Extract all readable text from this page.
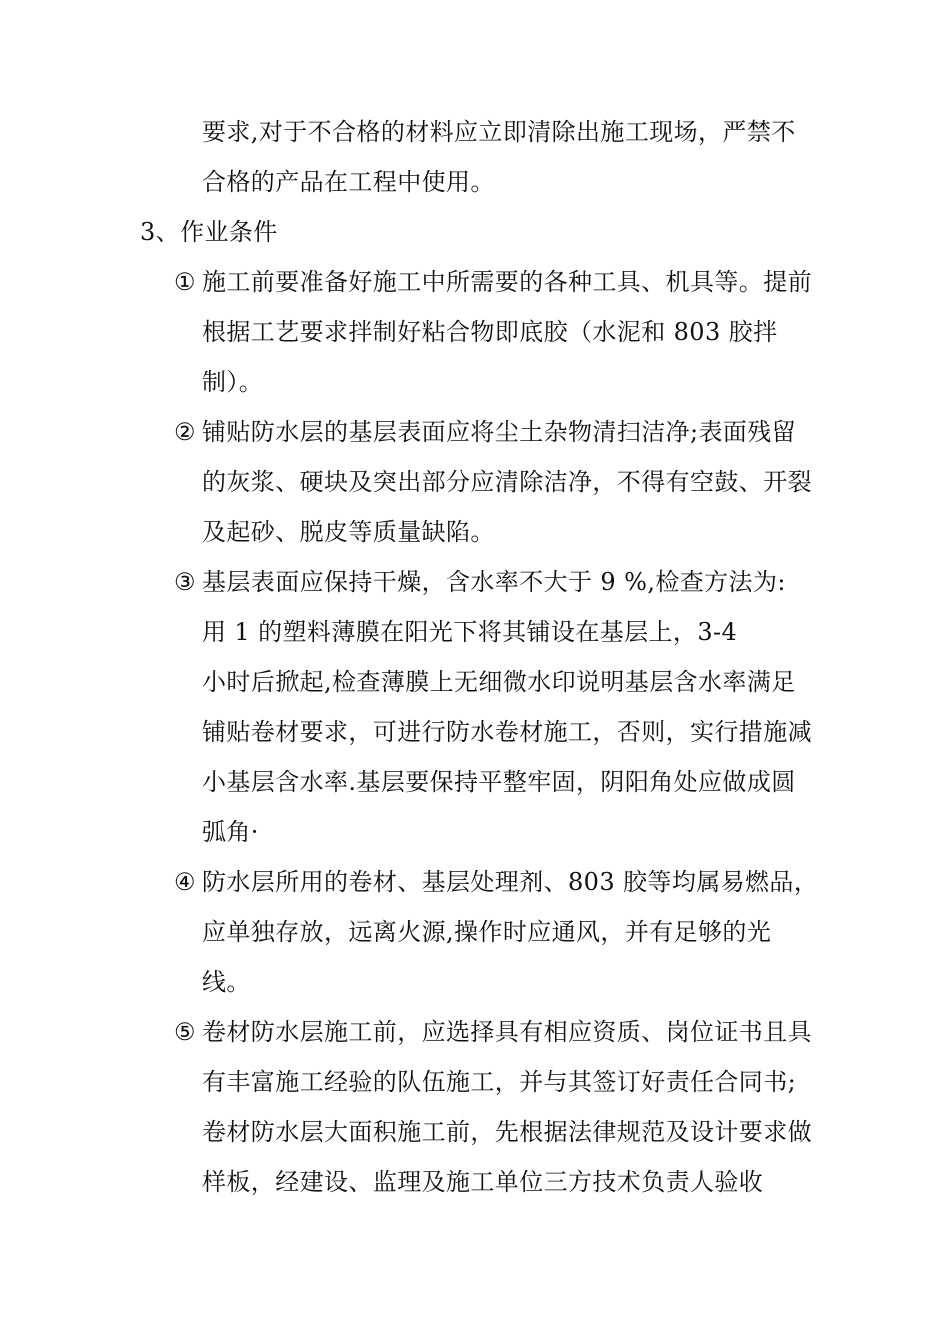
要求,对于不合格的材料应立即清除出施工现场，严禁不
合格的产品在工程中使用。
3、作业条件
① 施工前要准备好施工中所需要的各种工具、机具等。提前
根据工艺要求拌制好粘合物即底胶（水泥和 803 胶拌
制）。
② 铺贴防水层的基层表面应将尘土杂物清扫洁净;表面残留
的灰浆、硬块及突出部分应清除洁净，不得有空鼓、开裂
及起砂、脱皮等质量缺陷。
③ 基层表面应保持干燥，含水率不大于 9 %,检查方法为:
用 1 的塑料薄膜在阳光下将其铺设在基层上，3-4
小时后掀起,检查薄膜上无细微水印说明基层含水率满足
铺贴卷材要求，可进行防水卷材施工，否则，实行措施减
小基层含水率.基层要保持平整牢固，阴阳角处应做成圆
弧角·
④ 防水层所用的卷材、基层处理剂、803 胶等均属易燃品，
应单独存放，远离火源,操作时应通风，并有足够的光
线。
⑤ 卷材防水层施工前，应选择具有相应资质、岗位证书且具
有丰富施工经验的队伍施工，并与其签订好责任合同书;
卷材防水层大面积施工前，先根据法律规范及设计要求做
样板，经建设、监理及施工单位三方技术负责人验收
